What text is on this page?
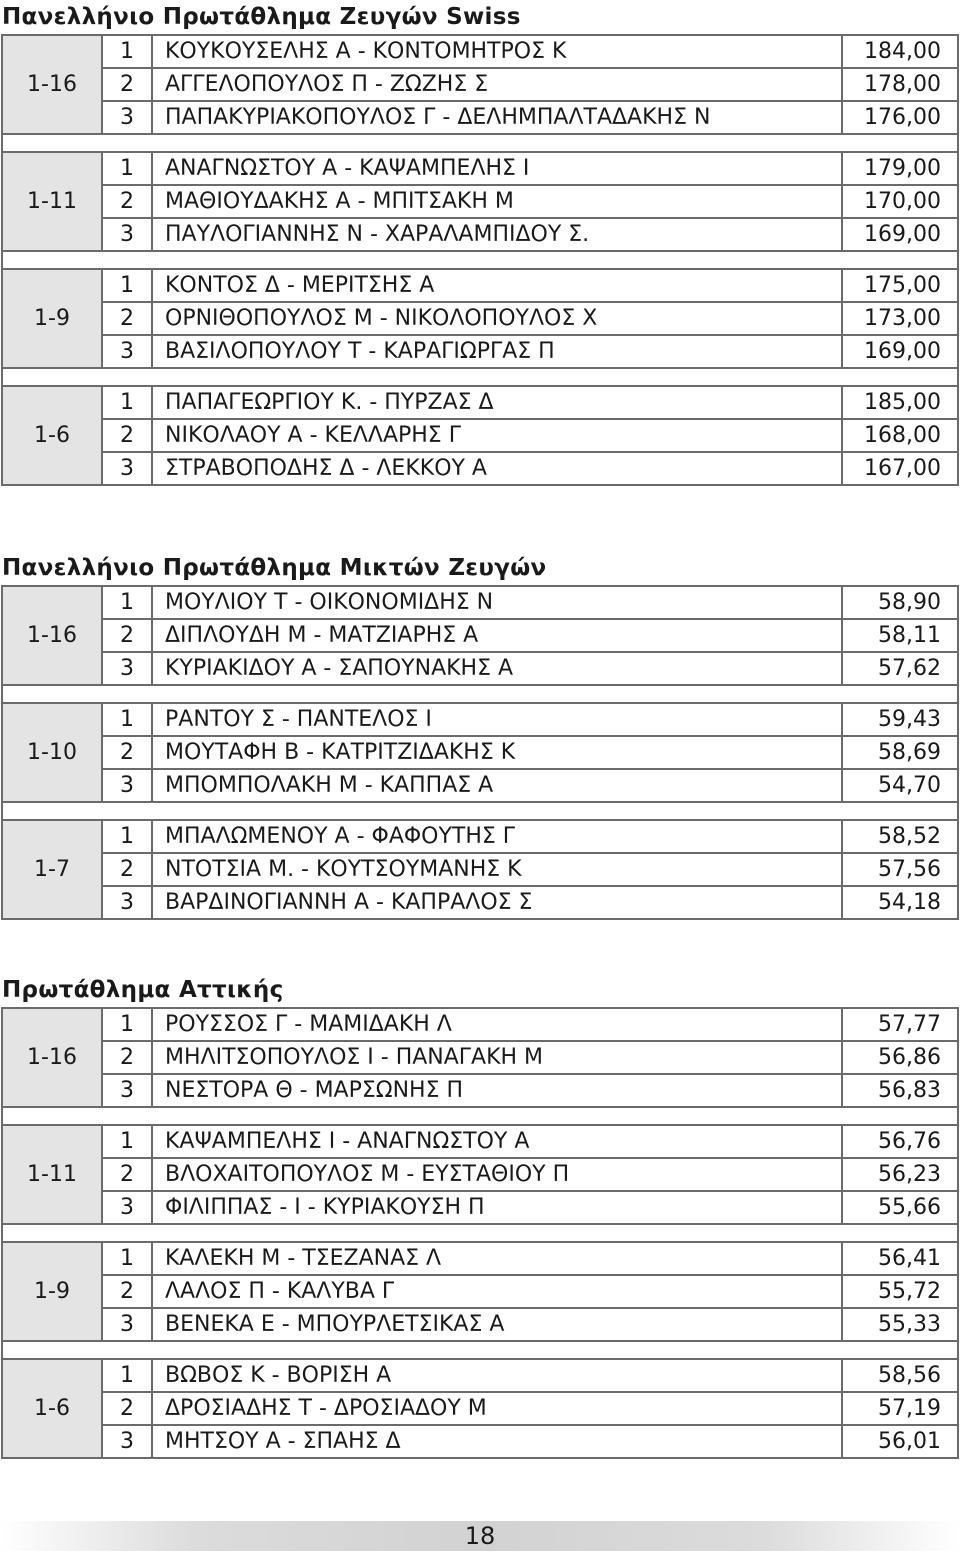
Πανελλήνιο Πρωτάθλημα Ζευγών Swiss
1-16	1	ΚΟΥΚΟΥΣΕΛΗΣ Α - ΚΟΝΤΟΜΗΤΡΟΣ Κ	184,00
	2	ΑΓΓΕΛΟΠΟΥΛΟΣ Π - ΖΩΖΗΣ Σ	178,00
	3	ΠΑΠΑΚΥΡΙΑΚΟΠΟΥΛΟΣ Γ - ΔΕΛΗΜΠΑΛΤΑΔΑΚΗΣ Ν	176,00

1-11	1	ΑΝΑΓΝΩΣΤΟΥ Α - ΚΑΨΑΜΠΕΛΗΣ Ι	179,00
	2	ΜΑΘΙΟΥΔΑΚΗΣ Α - ΜΠΙΤΣΑΚΗ Μ	170,00
	3	ΠΑΥΛΟΓΙΑΝΝΗΣ Ν - ΧΑΡΑΛΑΜΠΙΔΟΥ Σ.	169,00

1-9	1	ΚΟΝΤΟΣ Δ - ΜΕΡΙΤΣΗΣ Α	175,00
	2	ΟΡΝΙΘΟΠΟΥΛΟΣ Μ - ΝΙΚΟΛΟΠΟΥΛΟΣ Χ	173,00
	3	ΒΑΣΙΛΟΠΟΥΛΟΥ Τ - ΚΑΡΑΓΙΩΡΓΑΣ Π	169,00

1-6	1	ΠΑΠΑΓΕΩΡΓΙΟΥ Κ. - ΠΥΡΖΑΣ Δ	185,00
	2	ΝΙΚΟΛΑΟΥ Α - ΚΕΛΛΑΡΗΣ Γ	168,00
	3	ΣΤΡΑΒΟΠΟΔΗΣ Δ - ΛΕΚΚΟΥ Α	167,00
Πανελλήνιο Πρωτάθλημα Μικτών Ζευγών
1-16	1	ΜΟΥΛΙΟΥ Τ - ΟΙΚΟΝΟΜΙΔΗΣ Ν	58,90
	2	ΔΙΠΛΟΥΔΗ Μ - ΜΑΤΖΙΑΡΗΣ Α	58,11
	3	ΚΥΡΙΑΚΙΔΟΥ Α - ΣΑΠΟΥΝΑΚΗΣ Α	57,62

1-10	1	ΡΑΝΤΟΥ Σ - ΠΑΝΤΕΛΟΣ Ι	59,43
	2	ΜΟΥΤΑΦΗ Β - ΚΑΤΡΙΤΖΙΔΑΚΗΣ Κ	58,69
	3	ΜΠΟΜΠΟΛΑΚΗ Μ - ΚΑΠΠΑΣ Α	54,70

1-7	1	ΜΠΑΛΩΜΕΝΟΥ Α - ΦΑΦΟΥΤΗΣ Γ	58,52
	2	ΝΤΟΤΣΙΑ Μ. - ΚΟΥΤΣΟΥΜΑΝΗΣ Κ	57,56
	3	ΒΑΡΔΙΝΟΓΙΑΝΝΗ Α - ΚΑΠΡΑΛΟΣ Σ	54,18
Πρωτάθλημα Αττικής
1-16	1	ΡΟΥΣΣΟΣ Γ - ΜΑΜΙΔΑΚΗ Λ	57,77
	2	ΜΗΛΙΤΣΟΠΟΥΛΟΣ Ι - ΠΑΝΑΓΑΚΗ Μ	56,86
	3	ΝΕΣΤΟΡΑ Θ - ΜΑΡΣΩΝΗΣ Π	56,83

1-11	1	ΚΑΨΑΜΠΕΛΗΣ Ι - ΑΝΑΓΝΩΣΤΟΥ Α	56,76
	2	ΒΛΟΧΑΙΤΟΠΟΥΛΟΣ Μ - ΕΥΣΤΑΘΙΟΥ Π	56,23
	3	ΦΙΛΙΠΠΑΣ - Ι - ΚΥΡΙΑΚΟΥΣΗ Π	55,66

1-9	1	ΚΑΛΕΚΗ Μ - ΤΣΕΖΑΝΑΣ Λ	56,41
	2	ΛΑΛΟΣ Π - ΚΑΛΥΒΑ Γ	55,72
	3	ΒΕΝΕΚΑ Ε - ΜΠΟΥΡΛΕΤΣΙΚΑΣ Α	55,33

1-6	1	ΒΩΒΟΣ Κ - ΒΟΡΙΣΗ Α	58,56
	2	ΔΡΟΣΙΑΔΗΣ Τ - ΔΡΟΣΙΑΔΟΥ Μ	57,19
	3	ΜΗΤΣΟΥ Α - ΣΠΑΗΣ Δ	56,01
18
